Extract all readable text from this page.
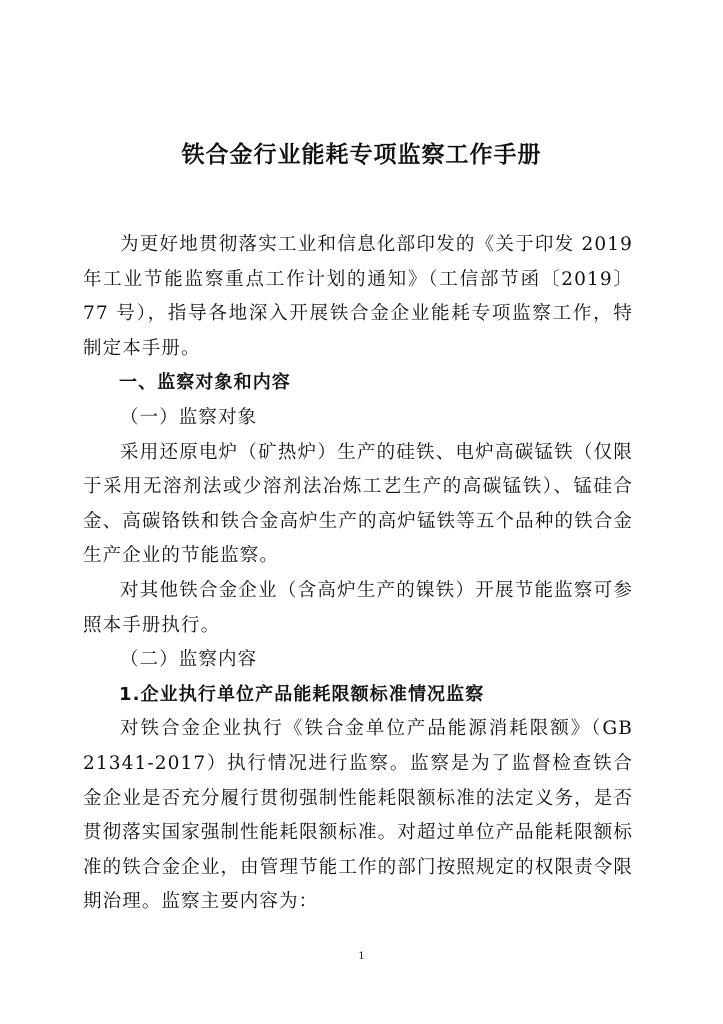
铁合金行业能耗专项监察工作手册

为更好地贯彻落实工业和信息化部印发的《关于印发 2019 年工业节能监察重点工作计划的通知》（工信部节函〔2019〕77 号），指导各地深入开展铁合金企业能耗专项监察工作，特制定本手册。

一、监察对象和内容

（一）监察对象

采用还原电炉（矿热炉）生产的硅铁、电炉高碳锰铁（仅限于采用无溶剂法或少溶剂法冶炼工艺生产的高碳锰铁）、锰硅合金、高碳铬铁和铁合金高炉生产的高炉锰铁等五个品种的铁合金生产企业的节能监察。

对其他铁合金企业（含高炉生产的镍铁）开展节能监察可参照本手册执行。

（二）监察内容

1.企业执行单位产品能耗限额标准情况监察

对铁合金企业执行《铁合金单位产品能源消耗限额》（GB 21341-2017）执行情况进行监察。监察是为了监督检查铁合金企业是否充分履行贯彻强制性能耗限额标准的法定义务，是否贯彻落实国家强制性能耗限额标准。对超过单位产品能耗限额标准的铁合金企业，由管理节能工作的部门按照规定的权限责令限期治理。监察主要内容为：

1
